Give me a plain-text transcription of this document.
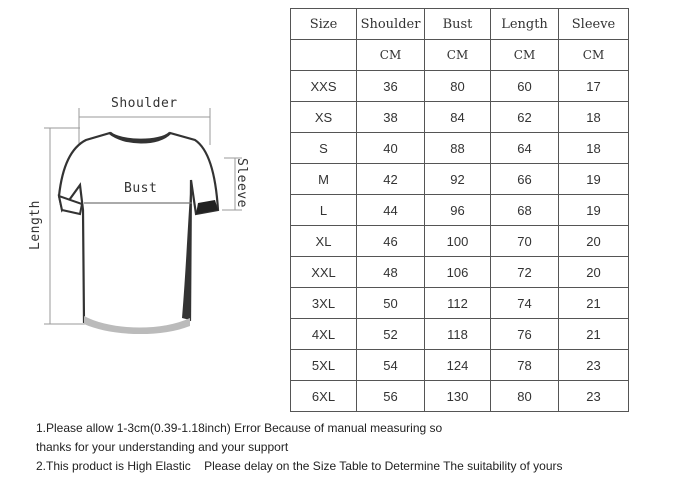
Shoulder
Bust
Length
Sleeve
Size	Shoulder	Bust	Length	Sleeve
	CM	CM	CM	CM
XXS	36	80	60	17
XS	38	84	62	18
S	40	88	64	18
M	42	92	66	19
L	44	96	68	19
XL	46	100	70	20
XXL	48	106	72	20
3XL	50	112	74	21
4XL	52	118	76	21
5XL	54	124	78	23
6XL	56	130	80	23
1.Please allow 1-3cm(0.39-1.18inch) Error Because of manual measuring so
thanks for your understanding and your support
2.This product is High Elastic    Please delay on the Size Table to Determine The suitability of yours
